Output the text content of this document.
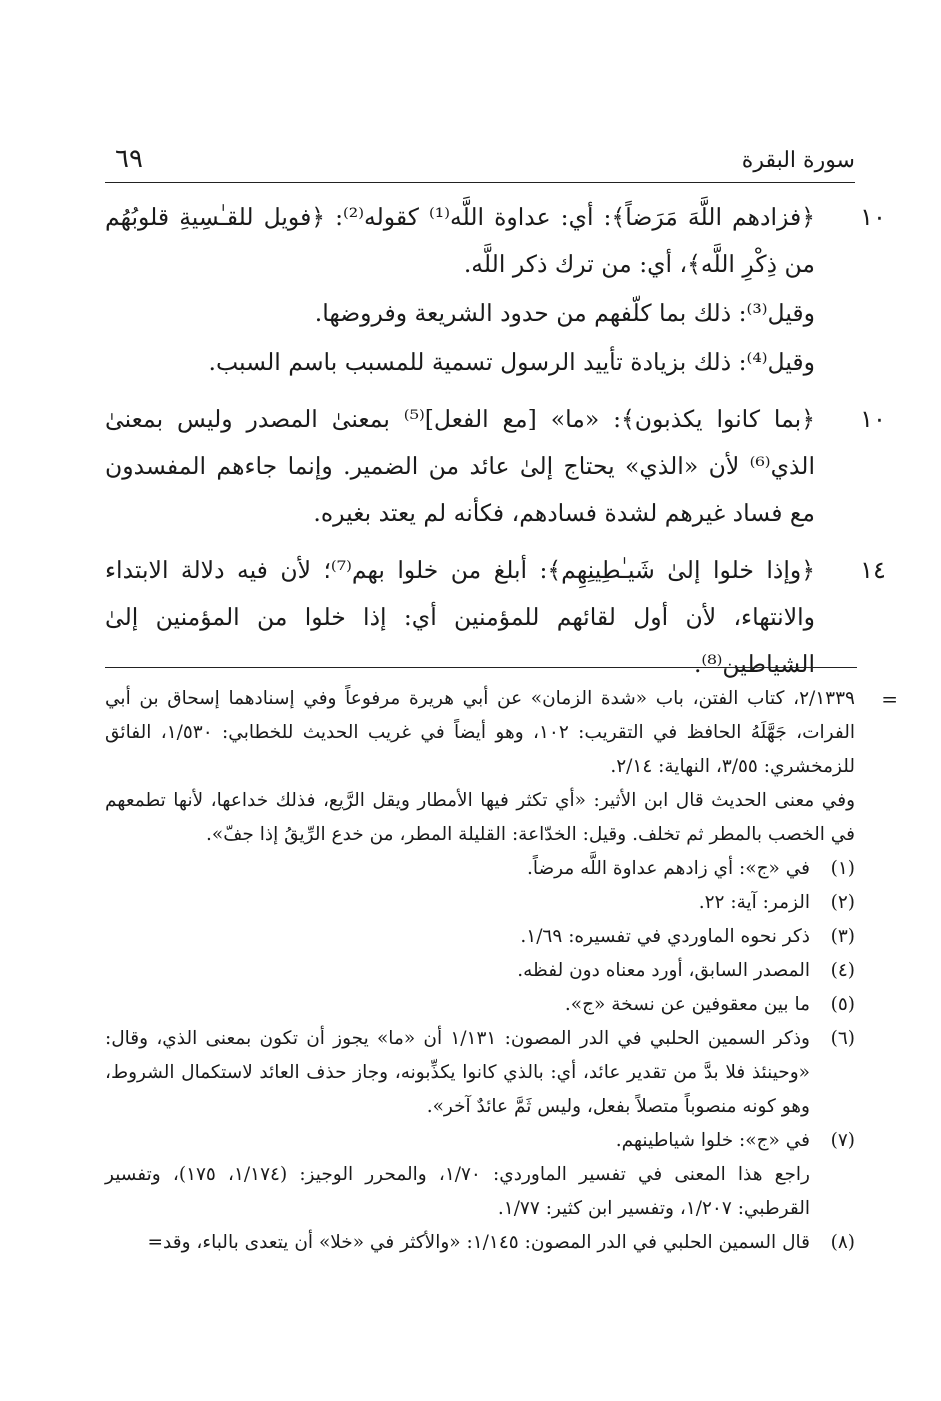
سورة البقرة
٦٩
١٠

﴿فزادهم اللَّهَ مَرَضاً﴾: أي: عداوة اللَّه⁽¹⁾ كقوله⁽²⁾: ﴿فويل للقـٰسِيةِ قلوبُهُم من ذِكْرِ اللَّه﴾، أي: من ترك ذكر اللَّه.

وقيل⁽³⁾: ذلك بما كلّفهم من حدود الشريعة وفروضها.

وقيل⁽⁴⁾: ذلك بزيادة تأييد الرسول تسمية للمسبب باسم السبب.

١٠

﴿بما كانوا يكذبون﴾: «ما» [مع الفعل]⁽⁵⁾ بمعنىٰ المصدر وليس بمعنىٰ الذي⁽⁶⁾ لأن «الذي» يحتاج إلىٰ عائد من الضمير. وإنما جاءهم المفسدون مع فساد غيرهم لشدة فسادهم، فكأنه لم يعتد بغيره.

١٤

﴿وإذا خلوا إلىٰ شَيـٰطِينِهِم﴾: أبلغ من خلوا بهم⁽⁷⁾؛ لأن فيه دلالة الابتداء والانتهاء، لأن أول لقائهم للمؤمنين أي: إذا خلوا من المؤمنين إلىٰ الشياطين⁽⁸⁾.

=

٢/١٣٣٩، كتاب الفتن، باب «شدة الزمان» عن أبي هريرة مرفوعاً وفي إسنادهما إسحاق بن أبي الفرات، جَهَّلَهُ الحافظ في التقريب: ١٠٢، وهو أيضاً في غريب الحديث للخطابي: ١/٥٣٠، الفائق للزمخشري: ٣/٥٥، النهاية: ٢/١٤.

وفي معنى الحديث قال ابن الأثير: «أي تكثر فيها الأمطار ويقل الرَّيع، فذلك خداعها، لأنها تطمعهم في الخصب بالمطر ثم تخلف. وقيل: الخدّاعة: القليلة المطر، من خدع الرِّيقُ إذا جفّ».

(١)

في «ج»: أي زادهم عداوة اللَّه مرضاً.

(٢)

الزمر: آية: ٢٢.

(٣)

ذكر نحوه الماوردي في تفسيره: ١/٦٩.

(٤)

المصدر السابق، أورد معناه دون لفظه.

(٥)

ما بين معقوفين عن نسخة «ج».

(٦)

وذكر السمين الحلبي في الدر المصون: ١/١٣١ أن «ما» يجوز أن تكون بمعنى الذي، وقال: «وحينئذ فلا بدَّ من تقدير عائد، أي: بالذي كانوا يكذِّبونه، وجاز حذف العائد لاستكمال الشروط، وهو كونه منصوباً متصلاً بفعل، وليس ثَمَّ عائدٌ آخر».

(٧)

في «ج»: خلوا شياطينهم.

راجع هذا المعنى في تفسير الماوردي: ١/٧٠، والمحرر الوجيز: (١/١٧٤، ١٧٥)، وتفسير القرطبي: ١/٢٠٧، وتفسير ابن كثير: ١/٧٧.

(٨)

قال السمين الحلبي في الدر المصون: ١/١٤٥: «والأكثر في «خلا» أن يتعدى بالباء، وقد=
